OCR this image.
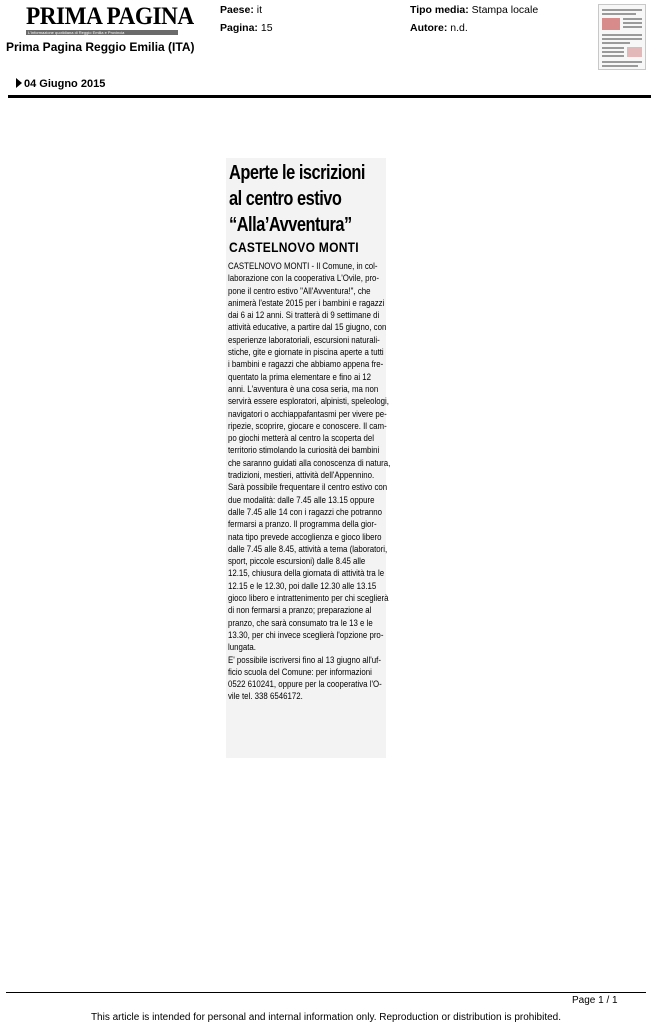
PRIMA PAGINA
L'informazione quotidiana di Reggio Emilia e Provincia
Prima Pagina Reggio Emilia (ITA)
Paese: it
Pagina: 15
Tipo media: Stampa locale
Autore: n.d.
04 Giugno 2015
Aperte le iscrizioni
al centro estivo
“Alla’Avventura”
CASTELNOVO MONTI
CASTELNOVO MONTI - Il Comune, in col-
laborazione con la cooperativa L'Ovile, pro-
pone il centro estivo "All'Avventura!", che
animerà l'estate 2015 per i bambini e ragazzi
dai 6 ai 12 anni. Si tratterà di 9 settimane di
attività educative, a partire dal 15 giugno, con
esperienze laboratoriali, escursioni naturali-
stiche, gite e giornate in piscina aperte a tutti
i bambini e ragazzi che abbiamo appena fre-
quentato la prima elementare e fino ai 12
anni. L'avventura è una cosa seria, ma non
servirà essere esploratori, alpinisti, speleologi,
navigatori o acchiappafantasmi per vivere pe-
ripezie, scoprire, giocare e conoscere. Il cam-
po giochi metterà al centro la scoperta del
territorio stimolando la curiosità dei bambini
che saranno guidati alla conoscenza di natura,
tradizioni, mestieri, attività dell'Appennino.
Sarà possibile frequentare il centro estivo con
due modalità: dalle 7.45 alle 13.15 oppure
dalle 7.45 alle 14 con i ragazzi che potranno
fermarsi a pranzo. Il programma della gior-
nata tipo prevede accoglienza e gioco libero
dalle 7.45 alle 8.45, attività a tema (laboratori,
sport, piccole escursioni) dalle 8.45 alle
12.15, chiusura della giornata di attività tra le
12.15 e le 12.30, poi dalle 12.30 alle 13.15
gioco libero e intrattenimento per chi sceglierà
di non fermarsi a pranzo; preparazione al
pranzo, che sarà consumato tra le 13 e le
13.30, per chi invece sceglierà l'opzione pro-
lungata.
E' possibile iscriversi fino al 13 giugno all'uf-
ficio scuola del Comune: per informazioni
0522 610241, oppure per la cooperativa l'O-
vile tel. 338 6546172.
Page 1 / 1
This article is intended for personal and internal information only. Reproduction or distribution is prohibited.
